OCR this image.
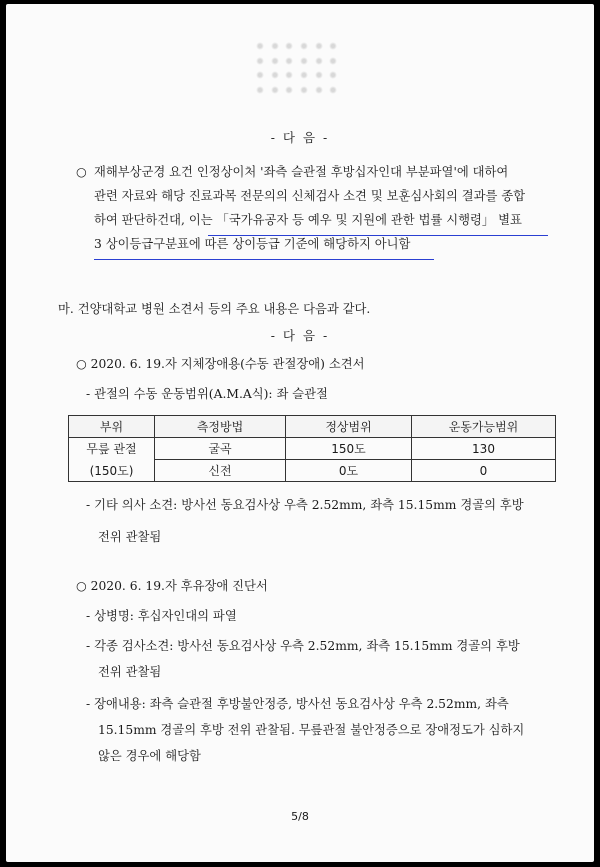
- 다 음 -
○ 재해부상군경 요건 인정상이처 '좌측 슬관절 후방십자인대 부분파열'에 대하여
관련 자료와 해당 진료과목 전문의의 신체검사 소견 및 보훈심사회의 결과를 종합
하여 판단하건대, 이는 「국가유공자 등 예우 및 지원에 관한 법률 시행령」 별표
3 상이등급구분표에 따른 상이등급 기준에 해당하지 아니함
마. 건양대학교 병원 소견서 등의 주요 내용은 다음과 같다.
- 다 음 -
○ 2020. 6. 19.자 지체장애용(수동 관절장애) 소견서
- 관절의 수동 운동범위(A.M.A식): 좌 슬관절
부위	측정방법	정상범위	운동가능범위
무릎 관절	굴곡	150도	130
(150도)	신전	0도	0
- 기타 의사 소견: 방사선 동요검사상 우측 2.52mm, 좌측 15.15mm 경골의 후방
전위 관찰됨
○ 2020. 6. 19.자 후유장애 진단서
- 상병명: 후십자인대의 파열
- 각종 검사소견: 방사선 동요검사상 우측 2.52mm, 좌측 15.15mm 경골의 후방
전위 관찰됨
- 장애내용: 좌측 슬관절 후방불안정증, 방사선 동요검사상 우측 2.52mm, 좌측
15.15mm 경골의 후방 전위 관찰됨. 무릎관절 불안정증으로 장애정도가 심하지
않은 경우에 해당함
5/8
